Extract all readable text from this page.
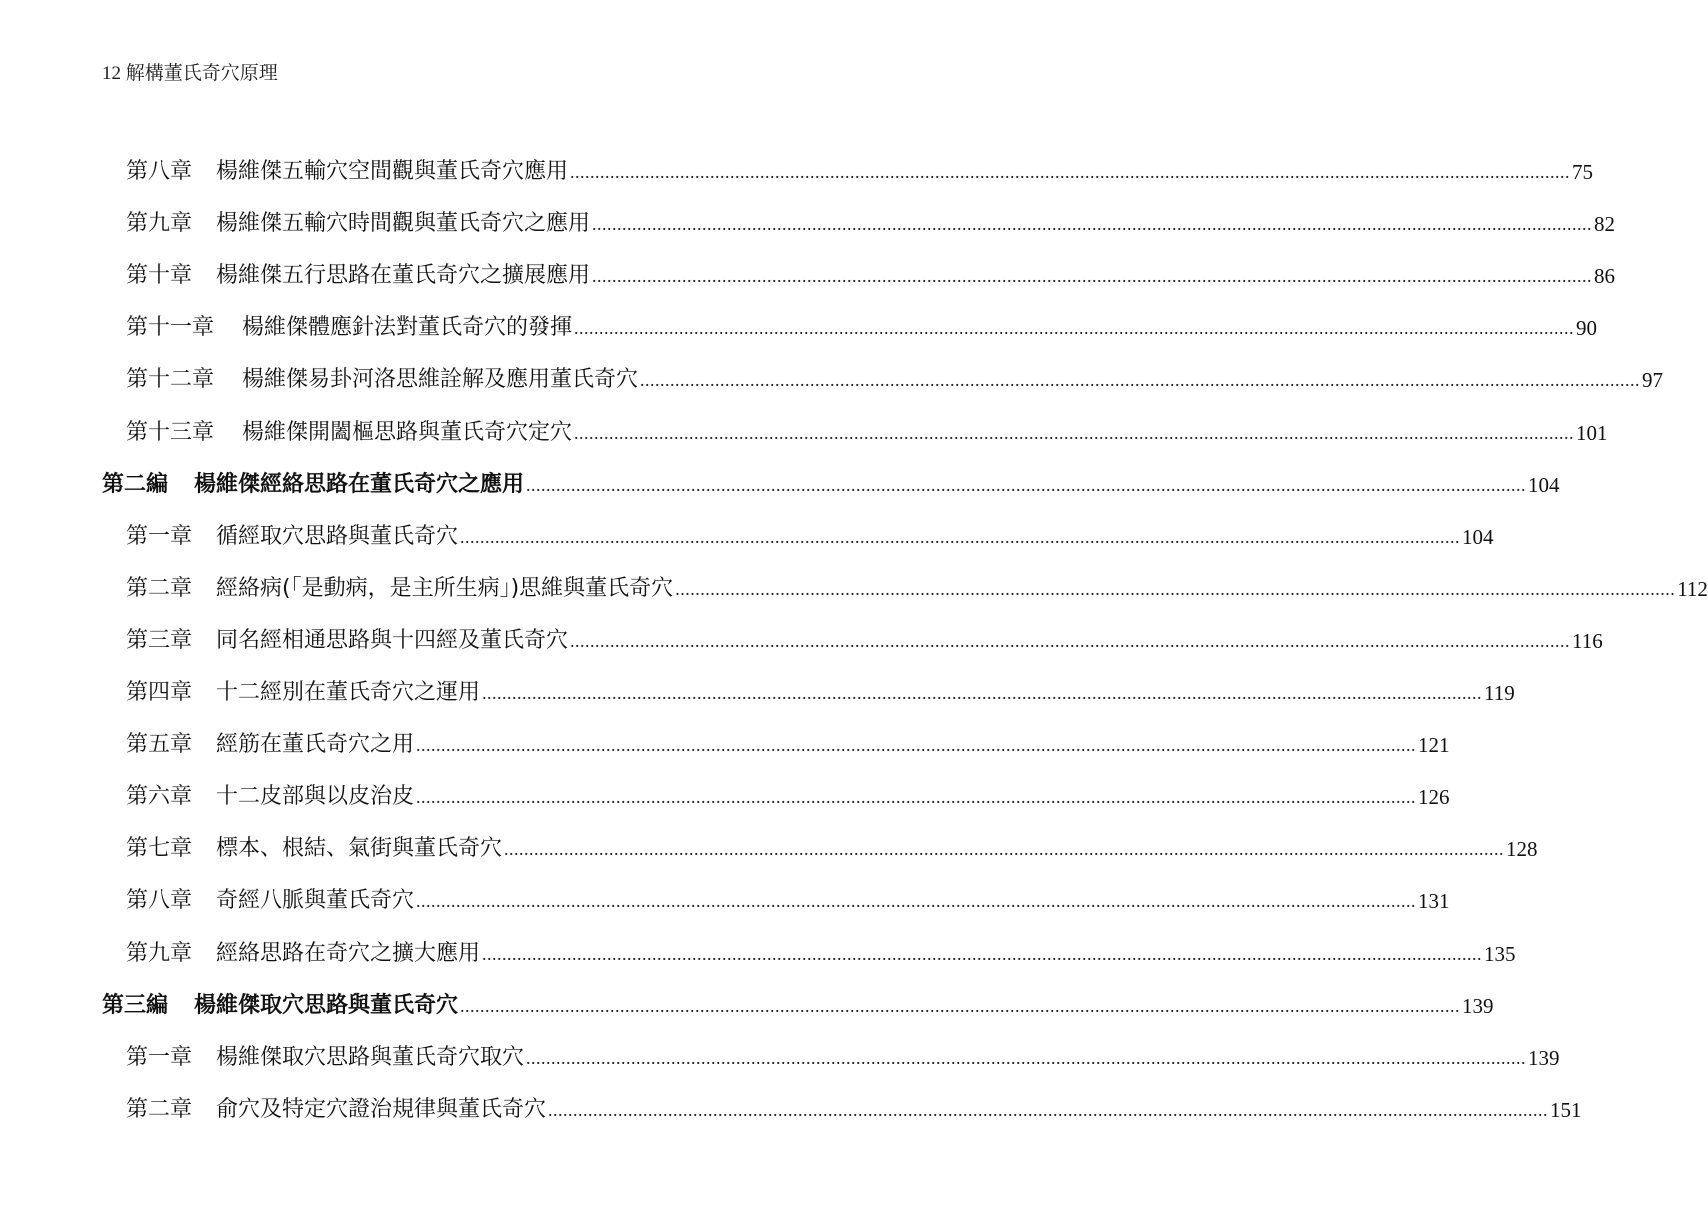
12 解構董氏奇穴原理
第八章 楊維傑五輸穴空間觀與董氏奇穴應用 ........................................................................................................................................................................................................ 75
第九章 楊維傑五輸穴時間觀與董氏奇穴之應用 ........................................................................................................................................................................................................ 82
第十章 楊維傑五行思路在董氏奇穴之擴展應用 ........................................................................................................................................................................................................ 86
第十一章 楊維傑體應針法對董氏奇穴的發揮 ........................................................................................................................................................................................................ 90
第十二章 楊維傑易卦河洛思維詮解及應用董氏奇穴 ........................................................................................................................................................................................................ 97
第十三章 楊維傑開闔樞思路與董氏奇穴定穴 ........................................................................................................................................................................................................ 101
第二編 楊維傑經絡思路在董氏奇穴之應用 ........................................................................................................................................................................................................ 104
第一章 循經取穴思路與董氏奇穴 ........................................................................................................................................................................................................ 104
第二章 經絡病(「是動病，是主所生病」)思維與董氏奇穴 ........................................................................................................................................................................................................ 112
第三章 同名經相通思路與十四經及董氏奇穴 ........................................................................................................................................................................................................ 116
第四章 十二經別在董氏奇穴之運用 ........................................................................................................................................................................................................ 119
第五章 經筋在董氏奇穴之用 ........................................................................................................................................................................................................ 121
第六章 十二皮部與以皮治皮 ........................................................................................................................................................................................................ 126
第七章 標本、根結、氣街與董氏奇穴 ........................................................................................................................................................................................................ 128
第八章 奇經八脈與董氏奇穴 ........................................................................................................................................................................................................ 131
第九章 經絡思路在奇穴之擴大應用 ........................................................................................................................................................................................................ 135
第三編 楊維傑取穴思路與董氏奇穴 ........................................................................................................................................................................................................ 139
第一章 楊維傑取穴思路與董氏奇穴取穴 ........................................................................................................................................................................................................ 139
第二章 俞穴及特定穴證治規律與董氏奇穴 ........................................................................................................................................................................................................ 151
